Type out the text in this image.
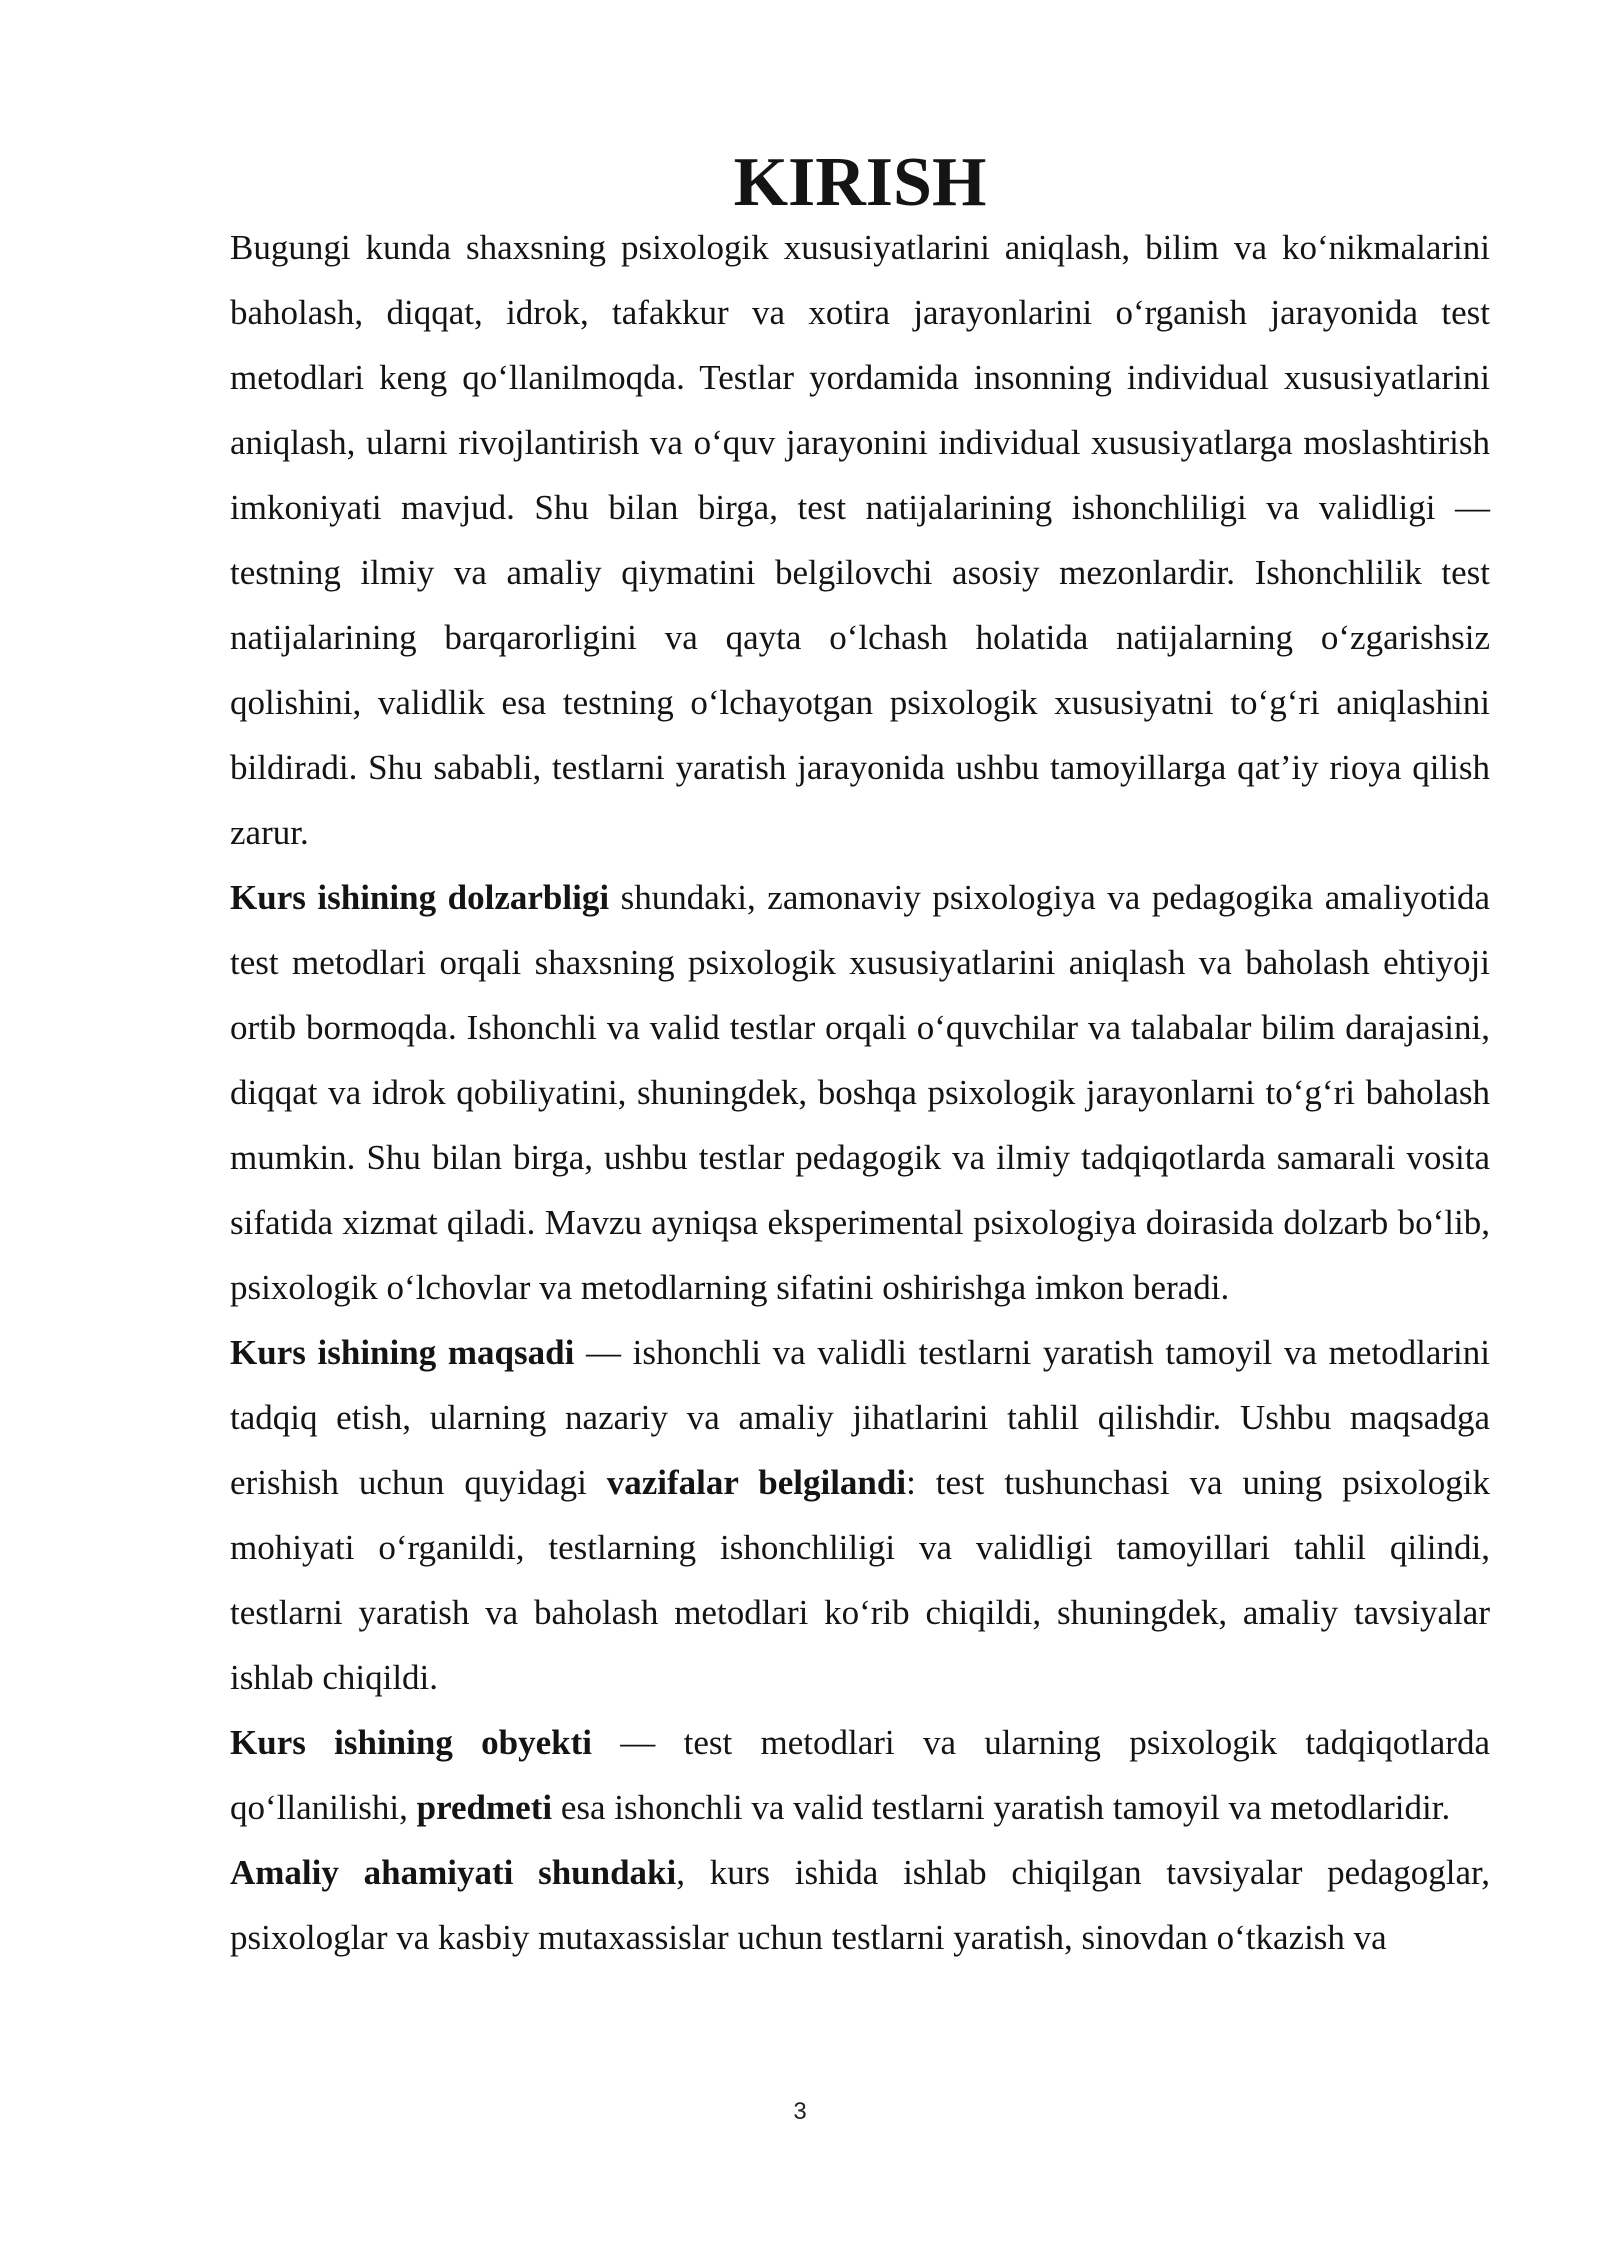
KIRISH

Bugungi kunda shaxsning psixologik xususiyatlarini aniqlash, bilim va ko‘nikmalarini baholash, diqqat, idrok, tafakkur va xotira jarayonlarini o‘rganish jarayonida test metodlari keng qo‘llanilmoqda. Testlar yordamida insonning individual xususiyatlarini aniqlash, ularni rivojlantirish va o‘quv jarayonini individual xususiyatlarga moslashtirish imkoniyati mavjud. Shu bilan birga, test natijalarining ishonchliligi va validligi — testning ilmiy va amaliy qiymatini belgilovchi asosiy mezonlardir. Ishonchlilik test natijalarining barqarorligini va qayta o‘lchash holatida natijalarning o‘zgarishsiz qolishini, validlik esa testning o‘lchayotgan psixologik xususiyatni to‘g‘ri aniqlashini bildiradi. Shu sababli, testlarni yaratish jarayonida ushbu tamoyillarga qat’iy rioya qilish zarur.

Kurs ishining dolzarbligi shundaki, zamonaviy psixologiya va pedagogika amaliyotida test metodlari orqali shaxsning psixologik xususiyatlarini aniqlash va baholash ehtiyoji ortib bormoqda. Ishonchli va valid testlar orqali o‘quvchilar va talabalar bilim darajasini, diqqat va idrok qobiliyatini, shuningdek, boshqa psixologik jarayonlarni to‘g‘ri baholash mumkin. Shu bilan birga, ushbu testlar pedagogik va ilmiy tadqiqotlarda samarali vosita sifatida xizmat qiladi. Mavzu ayniqsa eksperimental psixologiya doirasida dolzarb bo‘lib, psixologik o‘lchovlar va metodlarning sifatini oshirishga imkon beradi.

Kurs ishining maqsadi — ishonchli va validli testlarni yaratish tamoyil va metodlarini tadqiq etish, ularning nazariy va amaliy jihatlarini tahlil qilishdir. Ushbu maqsadga erishish uchun quyidagi vazifalar belgilandi: test tushunchasi va uning psixologik mohiyati o‘rganildi, testlarning ishonchliligi va validligi tamoyillari tahlil qilindi, testlarni yaratish va baholash metodlari ko‘rib chiqildi, shuningdek, amaliy tavsiyalar ishlab chiqildi.

Kurs ishining obyekti — test metodlari va ularning psixologik tadqiqotlarda qo‘llanilishi, predmeti esa ishonchli va valid testlarni yaratish tamoyil va metodlaridir.

Amaliy ahamiyati shundaki, kurs ishida ishlab chiqilgan tavsiyalar pedagoglar, psixologlar va kasbiy mutaxassislar uchun testlarni yaratish, sinovdan o‘tkazish va

3
